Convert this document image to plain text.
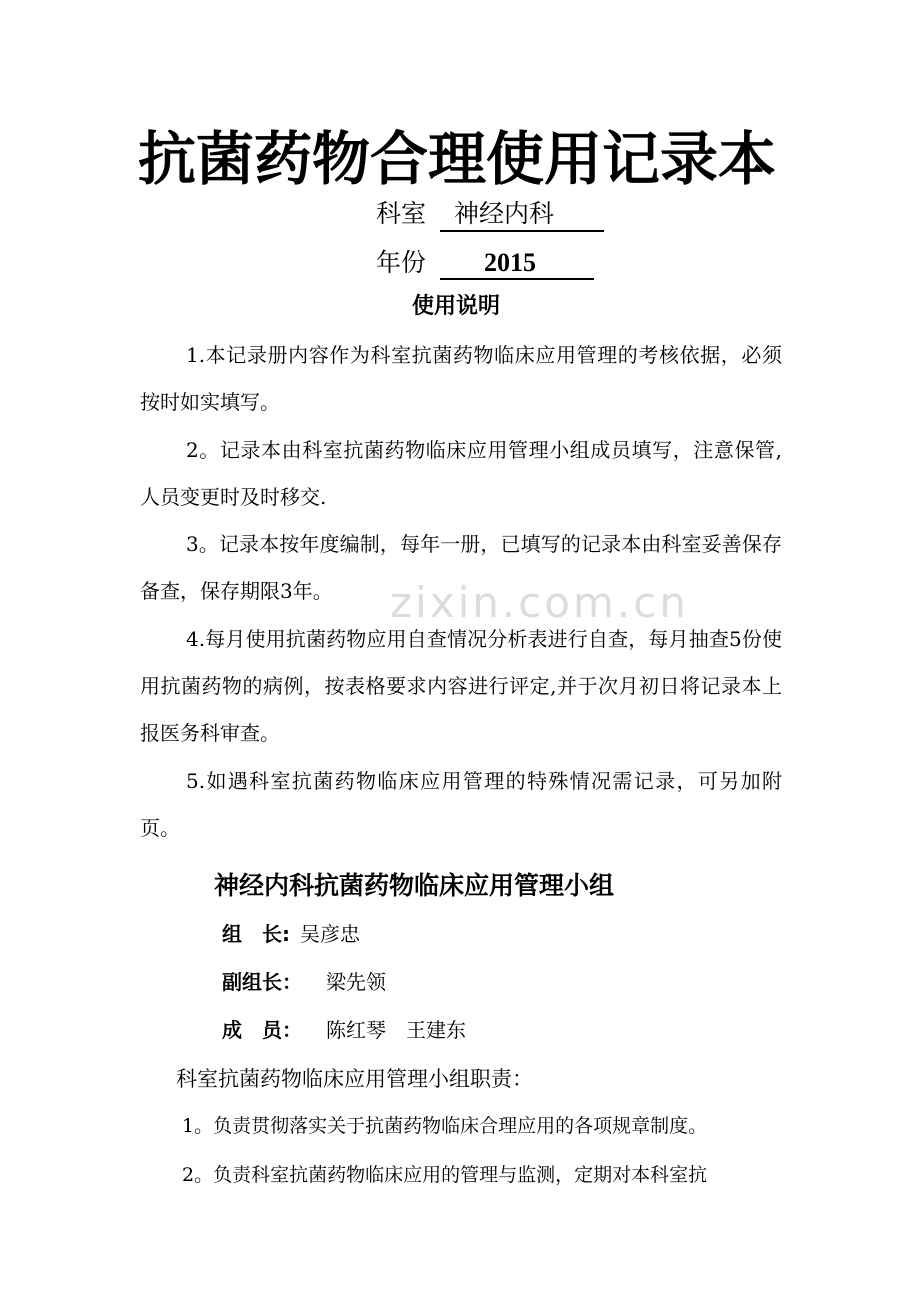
zixin.com.cn
抗菌药物合理使用记录本
科室 神经内科
年份 2015
使用说明
1.本记录册内容作为科室抗菌药物临床应用管理的考核依据，必须按时如实填写。
2。记录本由科室抗菌药物临床应用管理小组成员填写，注意保管,人员变更时及时移交.
3。记录本按年度编制，每年一册，已填写的记录本由科室妥善保存备查，保存期限3年。
4.每月使用抗菌药物应用自查情况分析表进行自查，每月抽查5份使用抗菌药物的病例，按表格要求内容进行评定,并于次月初日将记录本上报医务科审查。
5.如遇科室抗菌药物临床应用管理的特殊情况需记录，可另加附页。
神经内科抗菌药物临床应用管理小组
组　长: 吴彦忠
副组长： 梁先领
成　员： 陈红琴　王建东
科室抗菌药物临床应用管理小组职责：
1。负责贯彻落实关于抗菌药物临床合理应用的各项规章制度。
2。负责科室抗菌药物临床应用的管理与监测，定期对本科室抗
